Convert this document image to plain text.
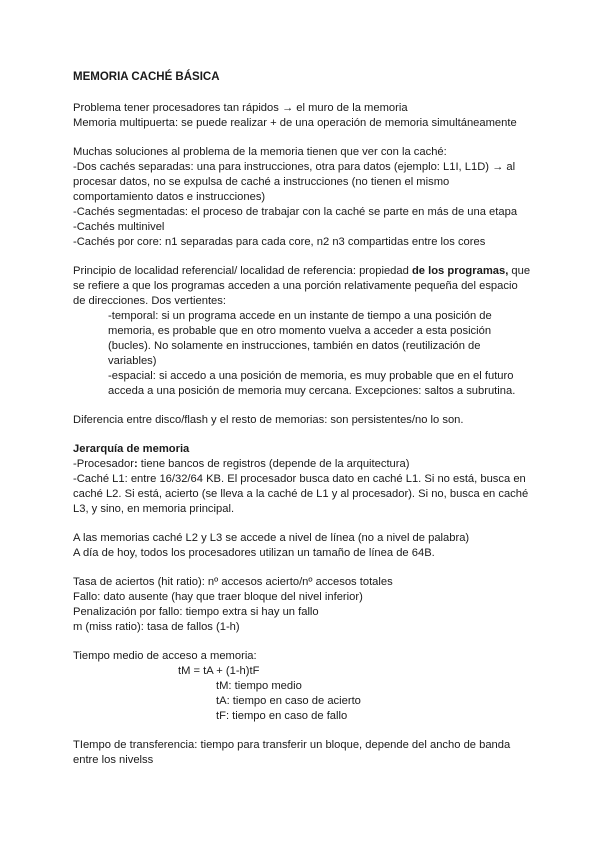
MEMORIA CACHÉ BÁSICA
Problema tener procesadores tan rápidos → el muro de la memoria
Memoria multipuerta: se puede realizar + de una operación de memoria simultáneamente
Muchas soluciones al problema de la memoria tienen que ver con la caché:
-Dos cachés separadas: una para instrucciones, otra para datos (ejemplo: L1I, L1D) → al
procesar datos, no se expulsa de caché a instrucciones (no tienen el mismo
comportamiento datos e instrucciones)
-Cachés segmentadas: el proceso de trabajar con la caché se parte en más de una etapa
-Cachés multinivel
-Cachés por core: n1 separadas para cada core, n2 n3 compartidas entre los cores
Principio de localidad referencial/ localidad de referencia: propiedad de los programas, que
se refiere a que los programas acceden a una porción relativamente pequeña del espacio
de direcciones. Dos vertientes:
-temporal: si un programa accede en un instante de tiempo a una posición de
memoria, es probable que en otro momento vuelva a acceder a esta posición
(bucles). No solamente en instrucciones, también en datos (reutilización de
variables)
-espacial: si accedo a una posición de memoria, es muy probable que en el futuro
acceda a una posición de memoria muy cercana. Excepciones: saltos a subrutina.
Diferencia entre disco/flash y el resto de memorias: son persistentes/no lo son.
Jerarquía de memoria
-Procesador: tiene bancos de registros (depende de la arquitectura)
-Caché L1: entre 16/32/64 KB. El procesador busca dato en caché L1. Si no está, busca en
caché L2. Si está, acierto (se lleva a la caché de L1 y al procesador). Si no, busca en caché
L3, y sino, en memoria principal.
A las memorias caché L2 y L3 se accede a nivel de línea (no a nivel de palabra)
A día de hoy, todos los procesadores utilizan un tamaño de línea de 64B.
Tasa de aciertos (hit ratio): nº accesos acierto/nº accesos totales
Fallo: dato ausente (hay que traer bloque del nivel inferior)
Penalización por fallo: tiempo extra si hay un fallo
m (miss ratio): tasa de fallos (1-h)
Tiempo medio de acceso a memoria:
tM = tA + (1-h)tF
tM: tiempo medio
tA: tiempo en caso de acierto
tF: tiempo en caso de fallo
TIempo de transferencia: tiempo para transferir un bloque, depende del ancho de banda
entre los nivelss
